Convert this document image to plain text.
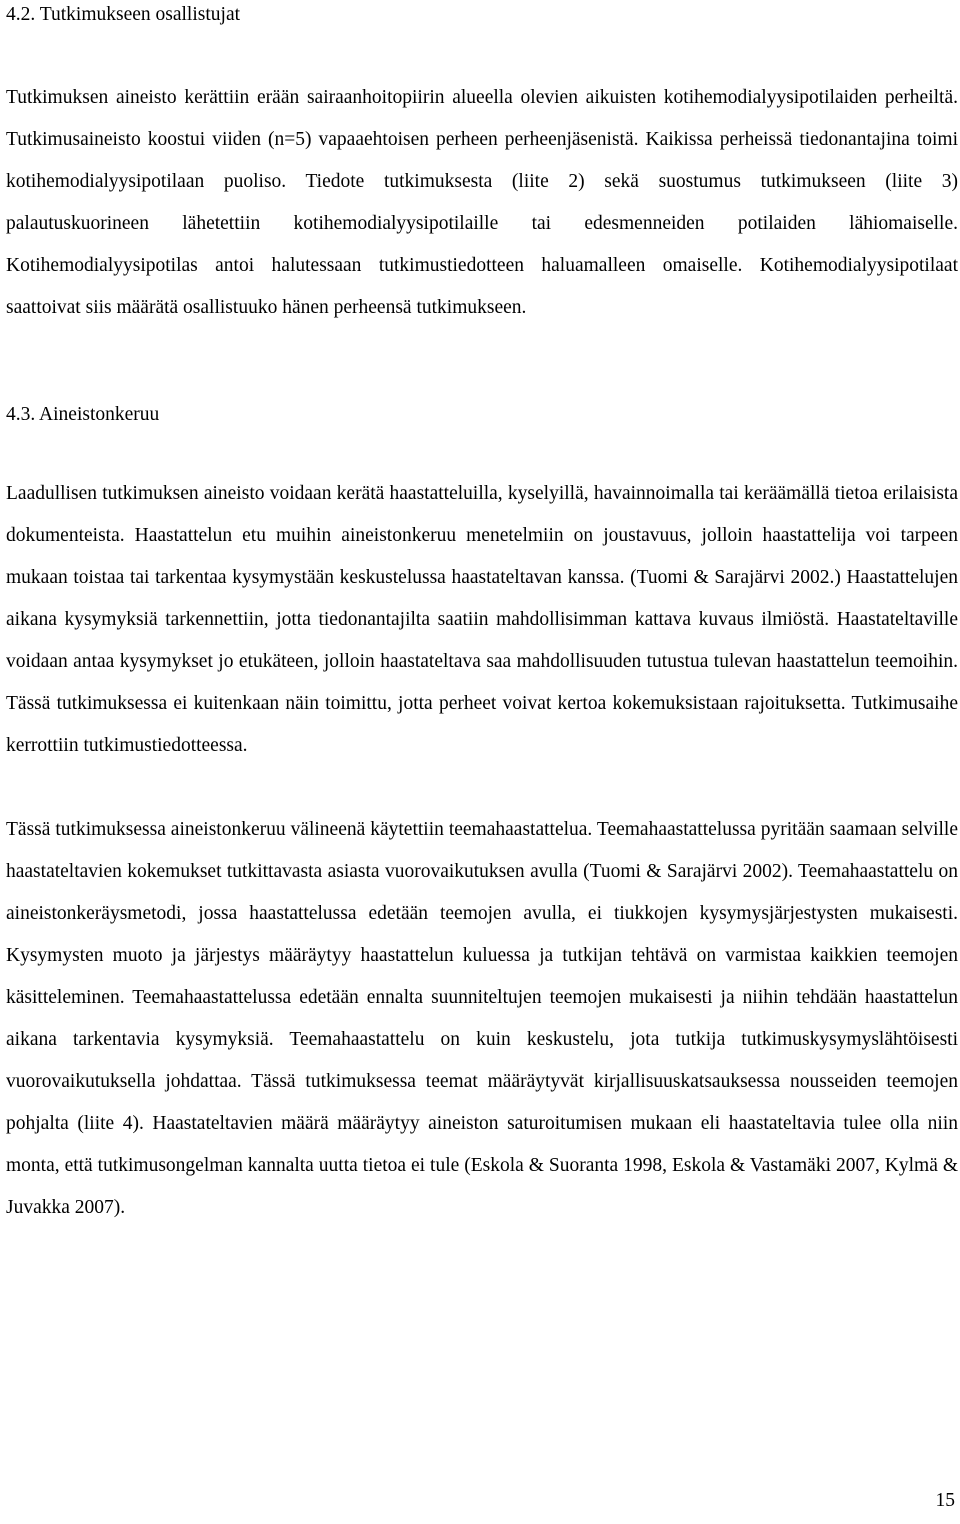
4.2. Tutkimukseen osallistujat

Tutkimuksen aineisto kerättiin erään sairaanhoitopiirin alueella olevien aikuisten kotihemodialyysipotilaiden perheiltä. Tutkimusaineisto koostui viiden (n=5) vapaaehtoisen perheen perheenjäsenistä. Kaikissa perheissä tiedonantajina toimi kotihemodialyysipotilaan puoliso. Tiedote tutkimuksesta (liite 2) sekä suostumus tutkimukseen (liite 3) palautuskuorineen lähetettiin kotihemodialyysipotilaille tai edesmenneiden potilaiden lähiomaiselle. Kotihemodialyysipotilas antoi halutessaan tutkimustiedotteen haluamalleen omaiselle. Kotihemodialyysipotilaat saattoivat siis määrätä osallistuuko hänen perheensä tutkimukseen.

4.3. Aineistonkeruu

Laadullisen tutkimuksen aineisto voidaan kerätä haastatteluilla, kyselyillä, havainnoimalla tai keräämällä tietoa erilaisista dokumenteista. Haastattelun etu muihin aineistonkeruu menetelmiin on joustavuus, jolloin haastattelija voi tarpeen mukaan toistaa tai tarkentaa kysymystään keskustelussa haastateltavan kanssa. (Tuomi & Sarajärvi 2002.) Haastattelujen aikana kysymyksiä tarkennettiin, jotta tiedonantajilta saatiin mahdollisimman kattava kuvaus ilmiöstä. Haastateltaville voidaan antaa kysymykset jo etukäteen, jolloin haastateltava saa mahdollisuuden tutustua tulevan haastattelun teemoihin. Tässä tutkimuksessa ei kuitenkaan näin toimittu, jotta perheet voivat kertoa kokemuksistaan rajoituksetta. Tutkimusaihe kerrottiin tutkimustiedotteessa.

Tässä tutkimuksessa aineistonkeruu välineenä käytettiin teemahaastattelua. Teemahaastattelussa pyritään saamaan selville haastateltavien kokemukset tutkittavasta asiasta vuorovaikutuksen avulla (Tuomi & Sarajärvi 2002). Teemahaastattelu on aineistonkeräysmetodi, jossa haastattelussa edetään teemojen avulla, ei tiukkojen kysymysjärjestysten mukaisesti. Kysymysten muoto ja järjestys määräytyy haastattelun kuluessa ja tutkijan tehtävä on varmistaa kaikkien teemojen käsitteleminen. Teemahaastattelussa edetään ennalta suunniteltujen teemojen mukaisesti ja niihin tehdään haastattelun aikana tarkentavia kysymyksiä. Teemahaastattelu on kuin keskustelu, jota tutkija tutkimuskysymyslähtöisesti vuorovaikutuksella johdattaa. Tässä tutkimuksessa teemat määräytyvät kirjallisuuskatsauksessa nousseiden teemojen pohjalta (liite 4). Haastateltavien määrä määräytyy aineiston saturoitumisen mukaan eli haastateltavia tulee olla niin monta, että tutkimusongelman kannalta uutta tietoa ei tule (Eskola & Suoranta 1998, Eskola & Vastamäki 2007, Kylmä & Juvakka 2007).

15
